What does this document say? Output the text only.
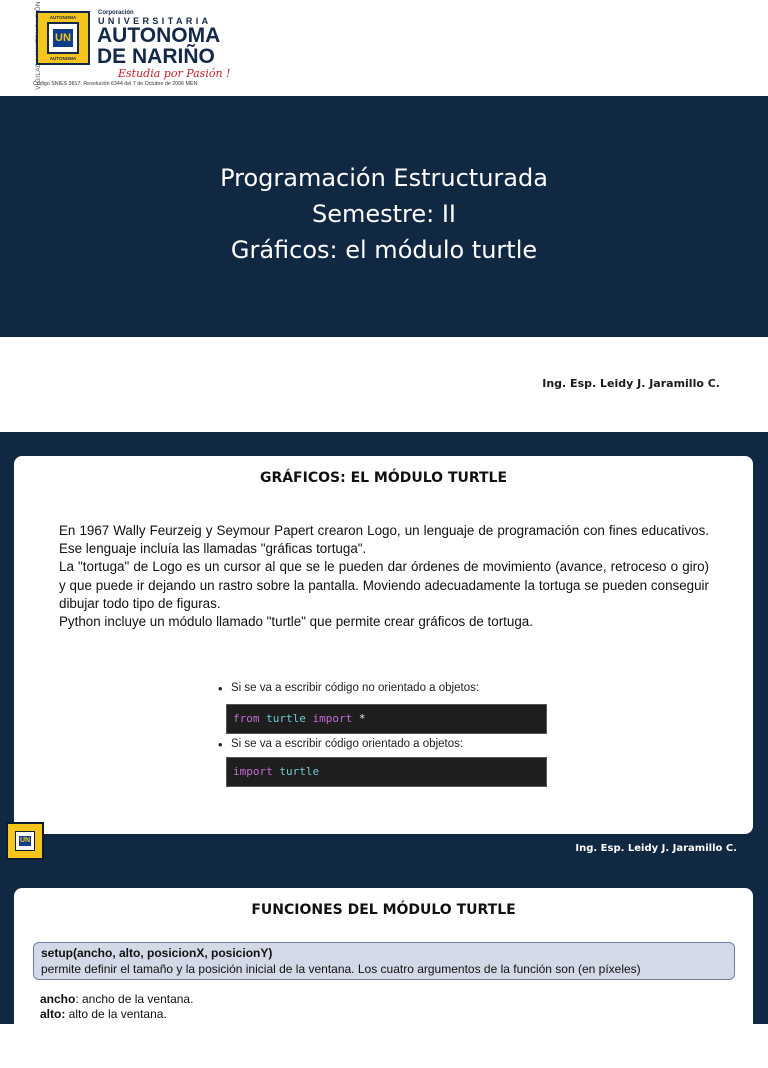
AUTONOMA
UN
AUTONOMA
Corporación
UNIVERSITARIA
AUTONOMA
DE NARIÑO
Estudia por Pasión !
Código SNIES 3817. Resolución 6344 del 7 de Octubre de 2006 MEN.
Programación Estructurada
Semestre: II
Gráficos: el módulo turtle
Ing. Esp. Leidy J. Jaramillo C.
GRÁFICOS: EL MÓDULO TURTLE

En 1967 Wally Feurzeig y Seymour Papert crearon Logo, un lenguaje de programación con fines educativos. Ese lenguaje incluía las llamadas "gráficas tortuga".

La "tortuga" de Logo es un cursor al que se le pueden dar órdenes de movimiento (avance, retroceso o giro) y que puede ir dejando un rastro sobre la pantalla. Moviendo adecuadamente la tortuga se pueden conseguir dibujar todo tipo de figuras.

Python incluye un módulo llamado "turtle" que permite crear gráficos de tortuga.

• Si se va a escribir código no orientado a objetos:
from turtle import *
• Si se va a escribir código orientado a objetos:
import turtle
UN
Ing. Esp. Leidy J. Jaramillo C.
FUNCIONES DEL MÓDULO TURTLE
setup(ancho, alto, posicionX, posicionY)
permite definir el tamaño y la posición inicial de la ventana. Los cuatro argumentos de la función son (en píxeles)
ancho: ancho de la ventana.
alto: alto de la ventana.
